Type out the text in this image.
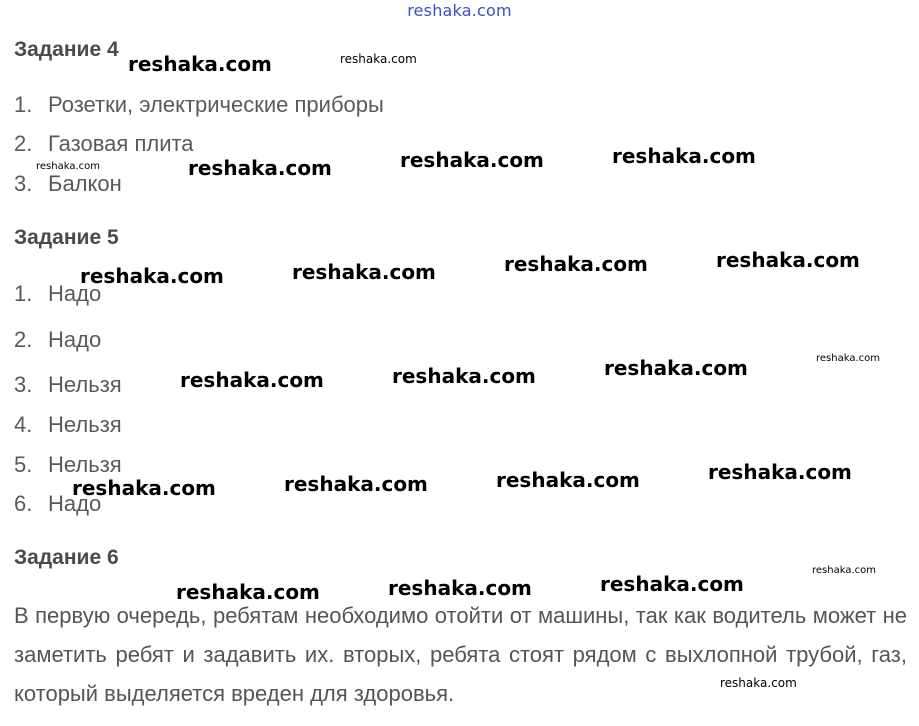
reshaka.com
Задание 4
1. Розетки, электрические приборы
2. Газовая плита
3. Балкон
Задание 5
1. Надо
2. Надо
3. Нельзя
4. Нельзя
5. Нельзя
6. Надо
Задание 6

В первую очередь, ребятам необходимо отойти от машины, так как водитель может не заметить ребят и задавить их. вторых, ребята стоят рядом с выхлопной трубой, газ, который выделяется вреден для здоровья.

reshaka.com	reshaka.com
reshaka.com	reshaka.com	reshaka.com	reshaka.com
reshaka.com	reshaka.com	reshaka.com	reshaka.com
reshaka.com
reshaka.com	reshaka.com	reshaka.com
reshaka.com	reshaka.com	reshaka.com	reshaka.com
reshaka.com
reshaka.com	reshaka.com	reshaka.com
reshaka.com
